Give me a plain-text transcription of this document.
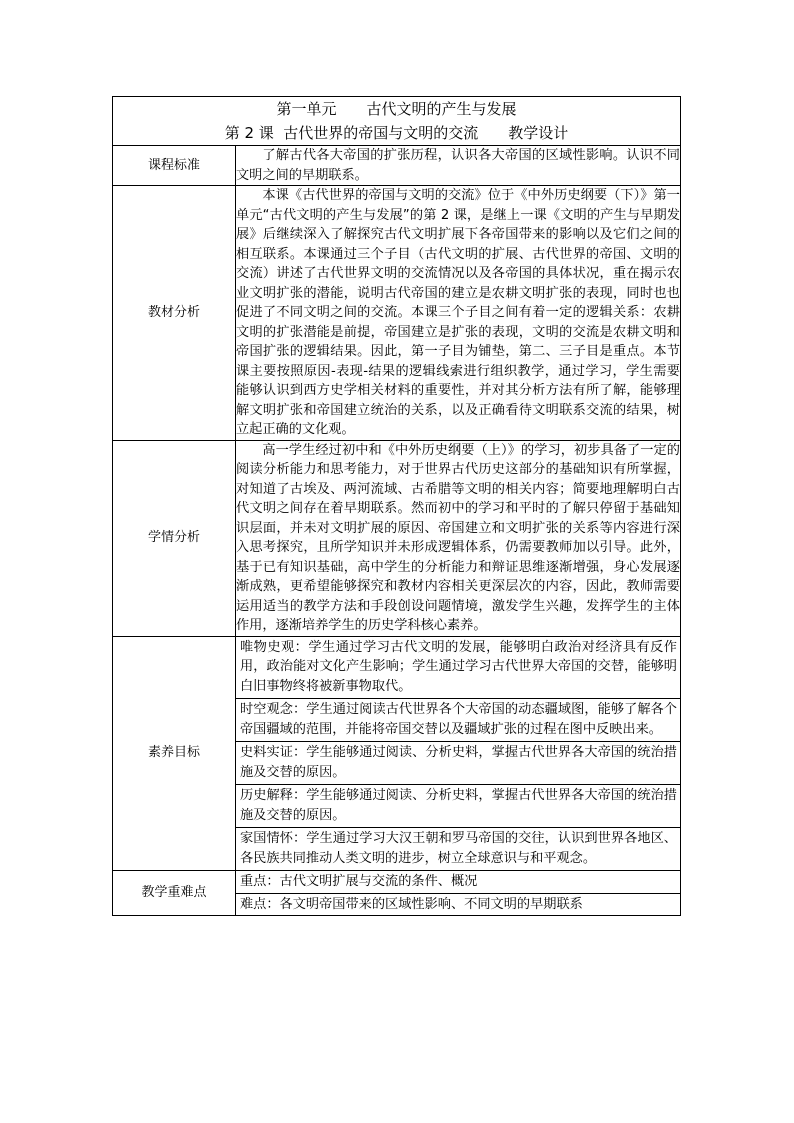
第一单元　　古代文明的产生与发展
第 2 课  古代世界的帝国与文明的交流　　教学设计	

课程标准	了解古代各大帝国的扩张历程，认识各大帝国的区域性影响。认识不同文明之间的早期联系。

教材分析	本课《古代世界的帝国与文明的交流》位于《中外历史纲要（下）》第一单元“古代文明的产生与发展”的第 2 课，是继上一课《文明的产生与早期发展》后继续深入了解探究古代文明扩展下各帝国带来的影响以及它们之间的相互联系。本课通过三个子目（古代文明的扩展、古代世界的帝国、文明的交流）讲述了古代世界文明的交流情况以及各帝国的具体状况，重在揭示农业文明扩张的潜能，说明古代帝国的建立是农耕文明扩张的表现，同时也也促进了不同文明之间的交流。本课三个子目之间有着一定的逻辑关系：农耕文明的扩张潜能是前提，帝国建立是扩张的表现，文明的交流是农耕文明和帝国扩张的逻辑结果。因此，第一子目为铺垫，第二、三子目是重点。本节课主要按照原因-表现-结果的逻辑线索进行组织教学，通过学习，学生需要能够认识到西方史学相关材料的重要性，并对其分析方法有所了解，能够理解文明扩张和帝国建立统治的关系，以及正确看待文明联系交流的结果，树立起正确的文化观。

学情分析	高一学生经过初中和《中外历史纲要（上）》的学习，初步具备了一定的阅读分析能力和思考能力，对于世界古代历史这部分的基础知识有所掌握，对知道了古埃及、两河流域、古希腊等文明的相关内容；简要地理解明白古代文明之间存在着早期联系。然而初中的学习和平时的了解只停留于基础知识层面，并未对文明扩展的原因、帝国建立和文明扩张的关系等内容进行深入思考探究，且所学知识并未形成逻辑体系，仍需要教师加以引导。此外，基于已有知识基础，高中学生的分析能力和辩证思维逐渐增强，身心发展逐渐成熟，更希望能够探究和教材内容相关更深层次的内容，因此，教师需要运用适当的教学方法和手段创设问题情境，激发学生兴趣，发挥学生的主体作用，逐渐培养学生的历史学科核心素养。

素养目标	唯物史观：学生通过学习古代文明的发展，能够明白政治对经济具有反作用，政治能对文化产生影响；学生通过学习古代世界大帝国的交替，能够明白旧事物终将被新事物取代。
时空观念：学生通过阅读古代世界各个大帝国的动态疆域图，能够了解各个帝国疆域的范围，并能将帝国交替以及疆域扩张的过程在图中反映出来。
史料实证：学生能够通过阅读、分析史料，掌握古代世界各大帝国的统治措施及交替的原因。
历史解释：学生能够通过阅读、分析史料，掌握古代世界各大帝国的统治措施及交替的原因。
家国情怀：学生通过学习大汉王朝和罗马帝国的交往，认识到世界各地区、各民族共同推动人类文明的进步，树立全球意识与和平观念。

教学重难点	重点：古代文明扩展与交流的条件、概况
难点：各文明帝国带来的区域性影响、不同文明的早期联系
